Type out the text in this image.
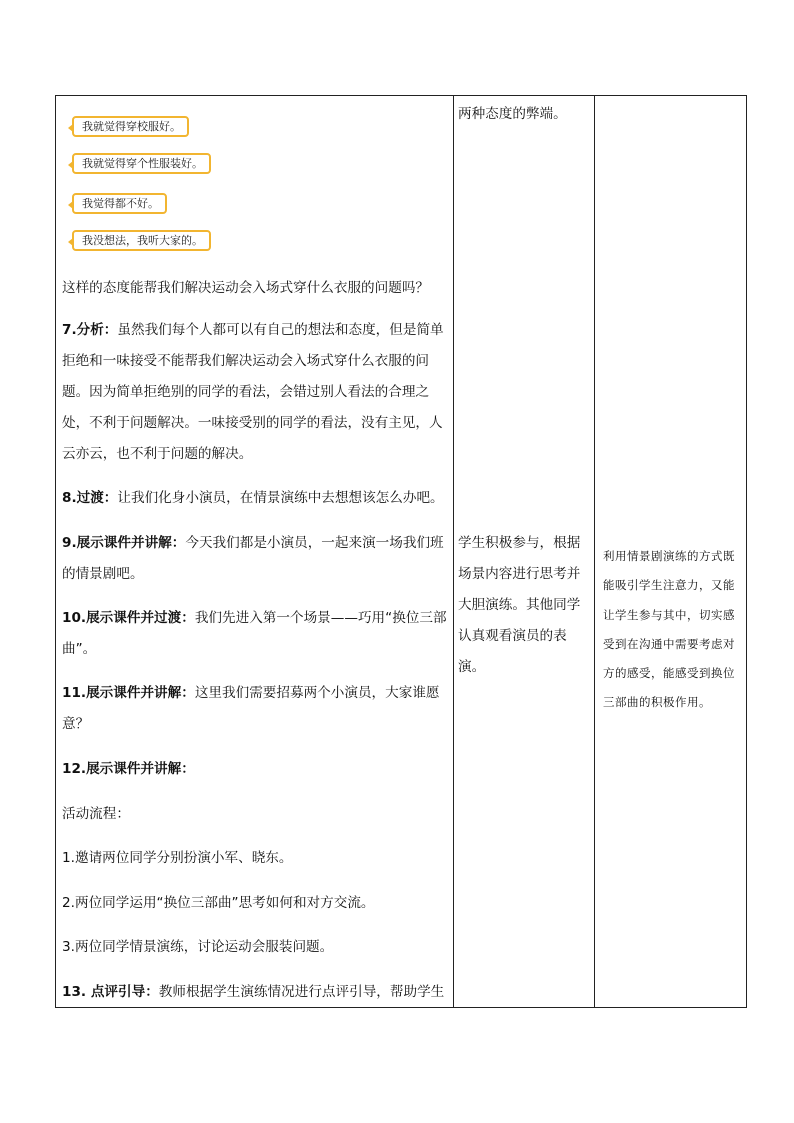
我就觉得穿校服好。
我就觉得穿个性服装好。
我觉得都不好。
我没想法，我听大家的。
这样的态度能帮我们解决运动会入场式穿什么衣服的问题吗？
7.分析：虽然我们每个人都可以有自己的想法和态度，但是简单拒绝和一味接受不能帮我们解决运动会入场式穿什么衣服的问题。因为简单拒绝别的同学的看法，会错过别人看法的合理之处，不利于问题解决。一味接受别的同学的看法，没有主见，人云亦云，也不利于问题的解决。
8.过渡：让我们化身小演员，在情景演练中去想想该怎么办吧。
9.展示课件并讲解：今天我们都是小演员，一起来演一场我们班的情景剧吧。
10.展示课件并过渡：我们先进入第一个场景——巧用“换位三部曲”。
11.展示课件并讲解：这里我们需要招募两个小演员，大家谁愿意？
12.展示课件并讲解：
活动流程：
1.邀请两位同学分别扮演小军、晓东。
2.两位同学运用“换位三部曲”思考如何和对方交流。
3.两位同学情景演练，讨论运动会服装问题。
13. 点评引导：教师根据学生演练情况进行点评引导，帮助学生

两种态度的弊端。
学生积极参与，根据场景内容进行思考并大胆演练。其他同学认真观看演员的表演。

利用情景剧演练的方式既能吸引学生注意力，又能让学生参与其中，切实感受到在沟通中需要考虑对方的感受，能感受到换位三部曲的积极作用。
